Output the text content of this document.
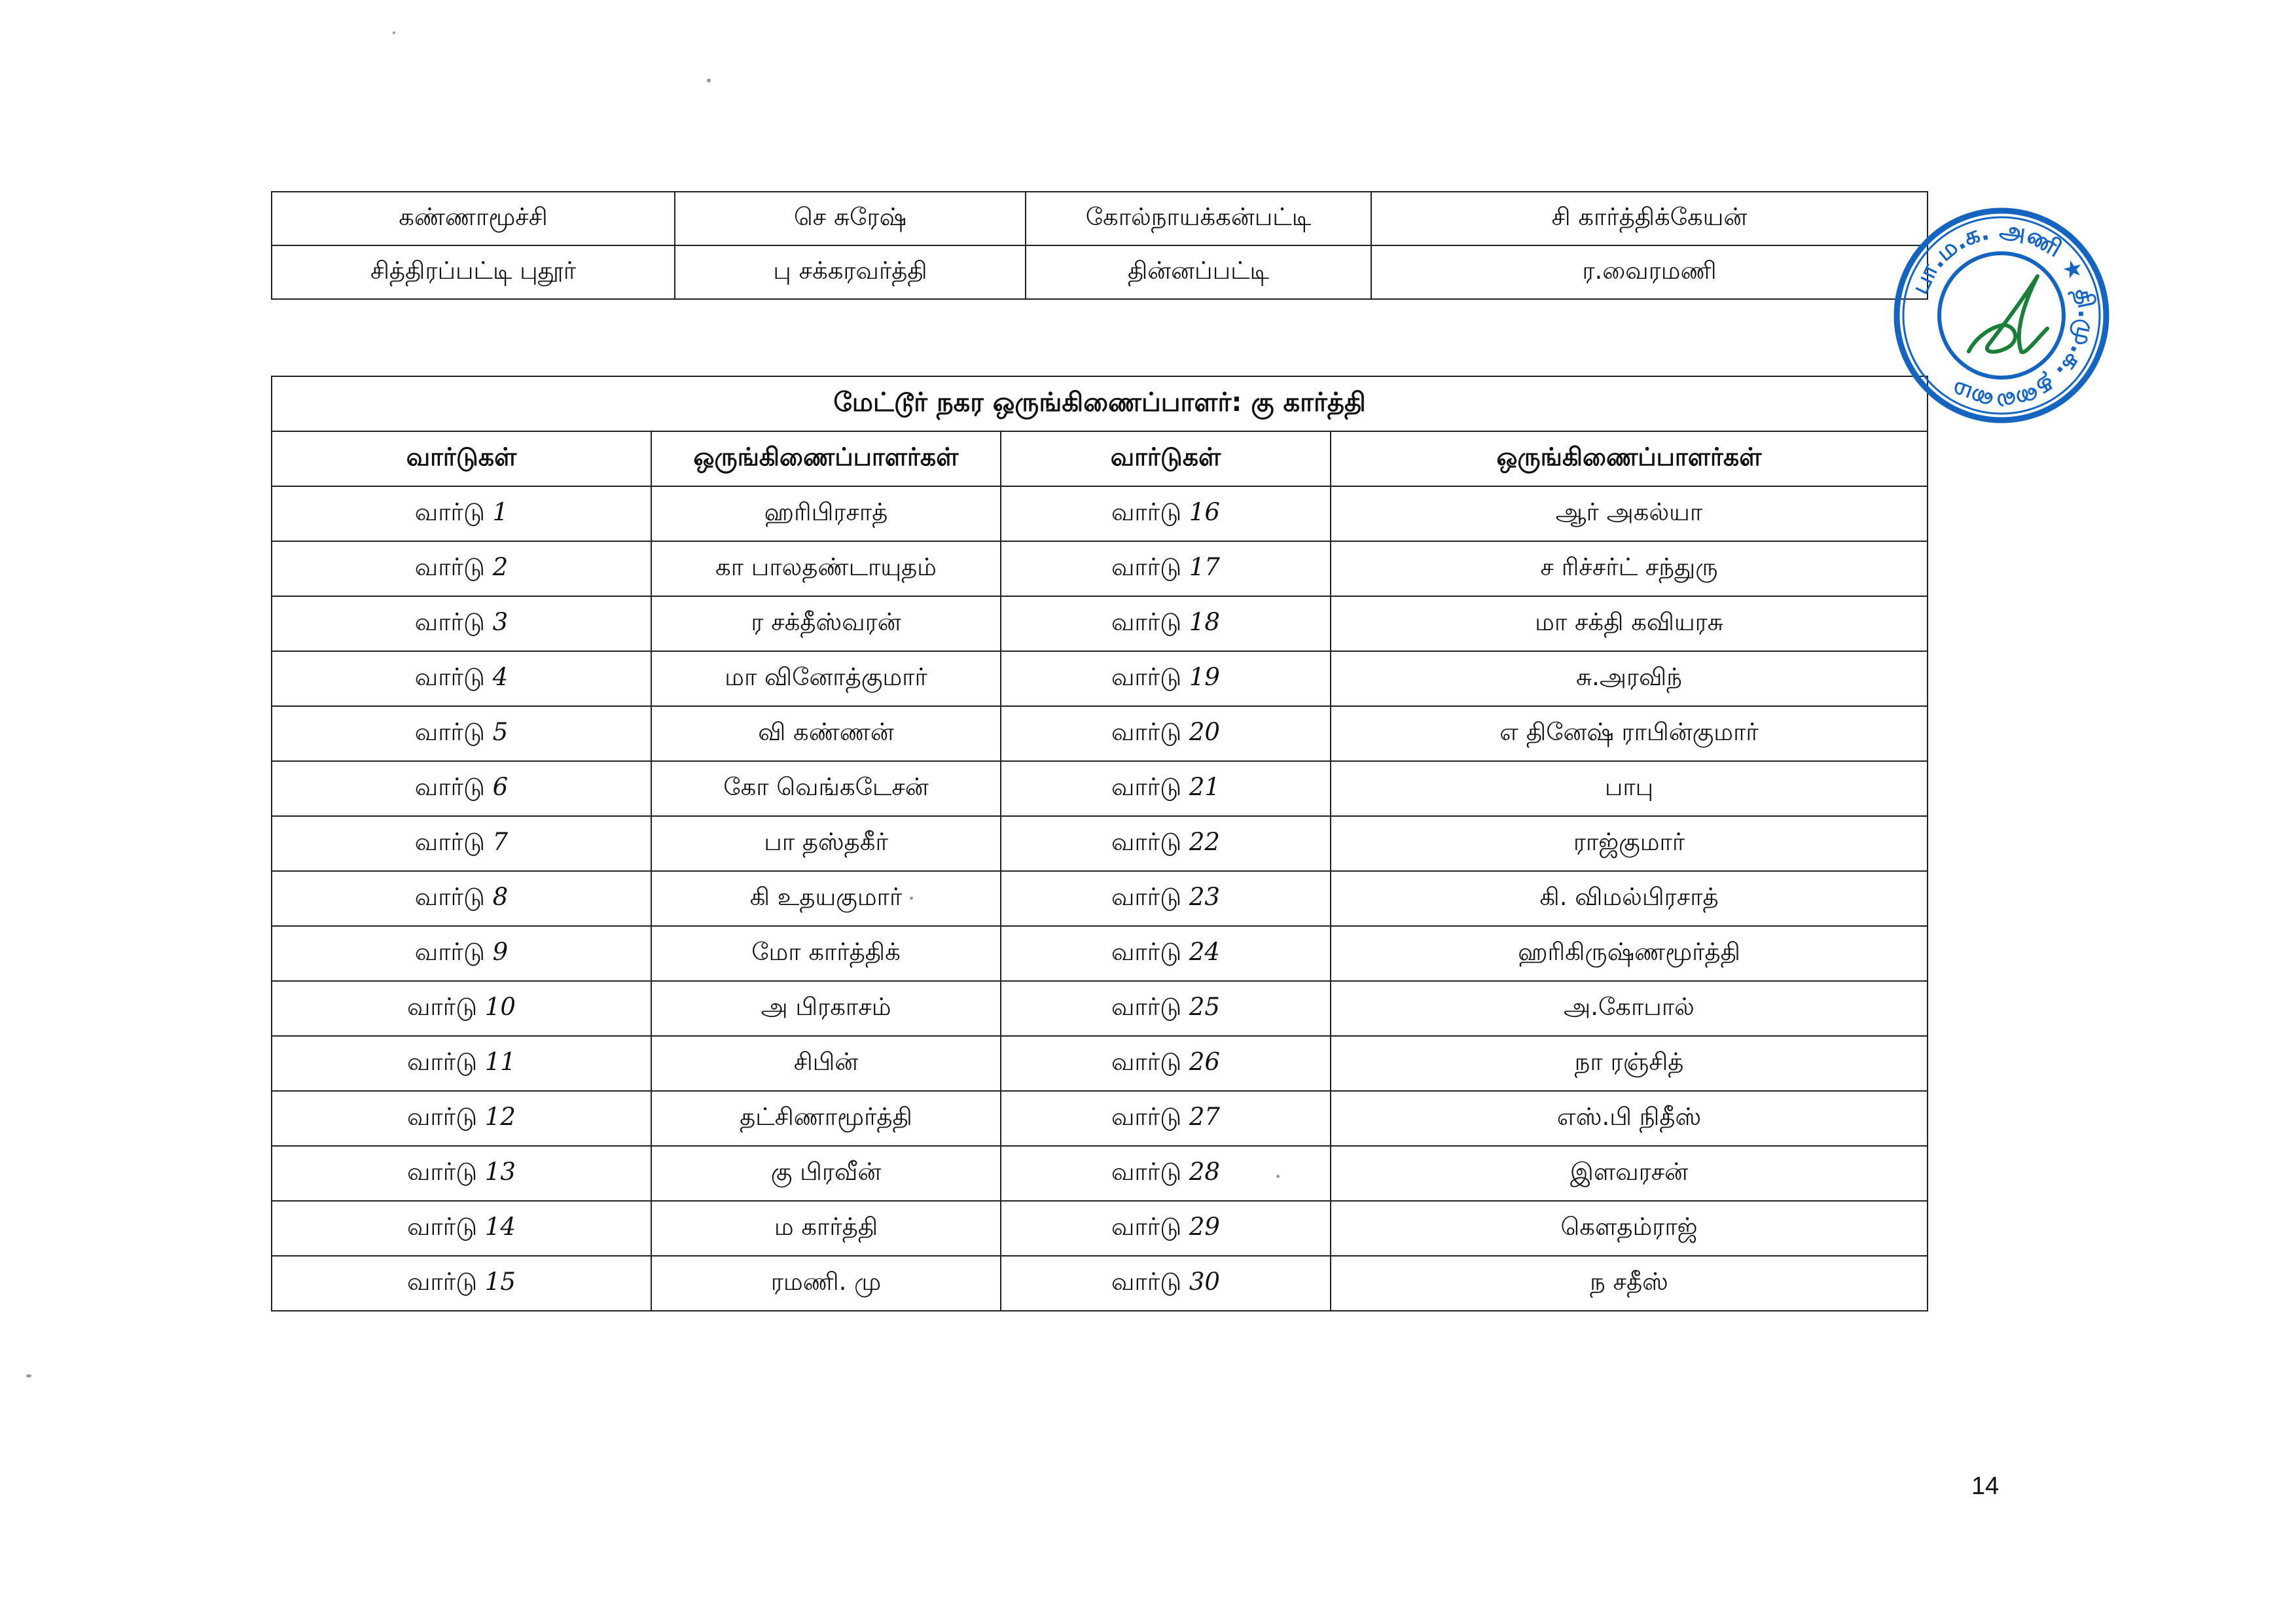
கண்ணாமூச்சி	செ சுரேஷ்	கோல்நாயக்கன்பட்டி	சி கார்த்திக்கேயன்
சித்திரப்பட்டி புதூர்	பு சக்கரவர்த்தி	தின்னப்பட்டி	ர.வைரமணி
மேட்டூர் நகர ஒருங்கிணைப்பாளர்: கு கார்த்தி			
வார்டுகள்	ஒருங்கிணைப்பாளர்கள்	வார்டுகள்	ஒருங்கிணைப்பாளர்கள்
வார்டு 1	ஹரிபிரசாத்	வார்டு 16	ஆர் அகல்யா
வார்டு 2	கா பாலதண்டாயுதம்	வார்டு 17	ச ரிச்சர்ட் சந்துரு
வார்டு 3	ர சக்தீஸ்வரன்	வார்டு 18	மா சக்தி கவியரசு
வார்டு 4	மா வினோத்குமார்	வார்டு 19	சு.அரவிந்
வார்டு 5	வி கண்ணன்	வார்டு 20	எ தினேஷ் ராபின்குமார்
வார்டு 6	கோ வெங்கடேசன்	வார்டு 21	பாபு
வார்டு 7	பா தஸ்தகீர்	வார்டு 22	ராஜ்குமார்
வார்டு 8	கி உதயகுமார்	வார்டு 23	கி. விமல்பிரசாத்
வார்டு 9	மோ கார்த்திக்	வார்டு 24	ஹரிகிருஷ்ணமூர்த்தி
வார்டு 10	அ பிரகாசம்	வார்டு 25	அ.கோபால்
வார்டு 11	சிபின்	வார்டு 26	நா ரஞ்சித்
வார்டு 12	தட்சிணாமூர்த்தி	வார்டு 27	எஸ்.பி நிதீஸ்
வார்டு 13	கு பிரவீன்	வார்டு 28	இளவரசன்
வார்டு 14	ம கார்த்தி	வார்டு 29	கௌதம்ராஜ்
வார்டு 15	ரமணி. மு	வார்டு 30	ந சதீஸ்
பா.ம.க. அணி ★ தி.மு.க. தலைமை
14
